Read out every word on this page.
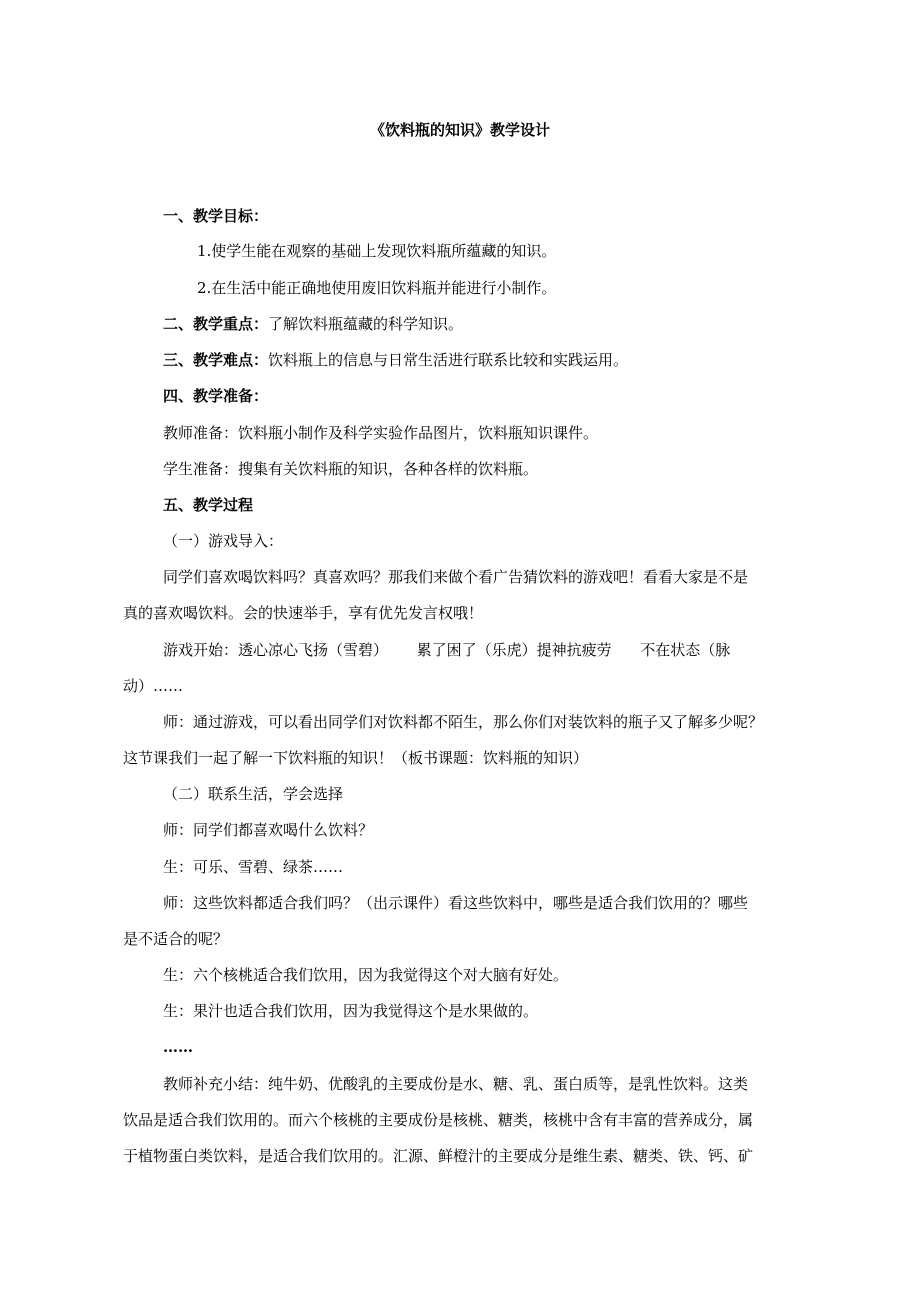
《饮料瓶的知识》教学设计
一、教学目标：
1.使学生能在观察的基础上发现饮料瓶所蕴藏的知识。
2.在生活中能正确地使用废旧饮料瓶并能进行小制作。
二、教学重点：了解饮料瓶蕴藏的科学知识。
三、教学难点：饮料瓶上的信息与日常生活进行联系比较和实践运用。
四、教学准备：
教师准备：饮料瓶小制作及科学实验作品图片，饮料瓶知识课件。
学生准备：搜集有关饮料瓶的知识，各种各样的饮料瓶。
五、教学过程
（一）游戏导入：
同学们喜欢喝饮料吗？真喜欢吗？那我们来做个看广告猜饮料的游戏吧！看看大家是不是
真的喜欢喝饮料。会的快速举手，享有优先发言权哦！
游戏开始：透心凉心飞扬（雪碧）      累了困了（乐虎）提神抗疲劳      不在状态（脉
动）……
师：通过游戏，可以看出同学们对饮料都不陌生，那么你们对装饮料的瓶子又了解多少呢？
这节课我们一起了解一下饮料瓶的知识！（板书课题：饮料瓶的知识）
（二）联系生活，学会选择
师：同学们都喜欢喝什么饮料？
生：可乐、雪碧、绿茶……
师：这些饮料都适合我们吗？（出示课件）看这些饮料中，哪些是适合我们饮用的？哪些
是不适合的呢？
生：六个核桃适合我们饮用，因为我觉得这个对大脑有好处。
生：果汁也适合我们饮用，因为我觉得这个是水果做的。
……
教师补充小结：纯牛奶、优酸乳的主要成份是水、糖、乳、蛋白质等，是乳性饮料。这类
饮品是适合我们饮用的。而六个核桃的主要成份是核桃、糖类，核桃中含有丰富的营养成分，属
于植物蛋白类饮料，是适合我们饮用的。汇源、鲜橙汁的主要成分是维生素、糖类、铁、钙、矿
